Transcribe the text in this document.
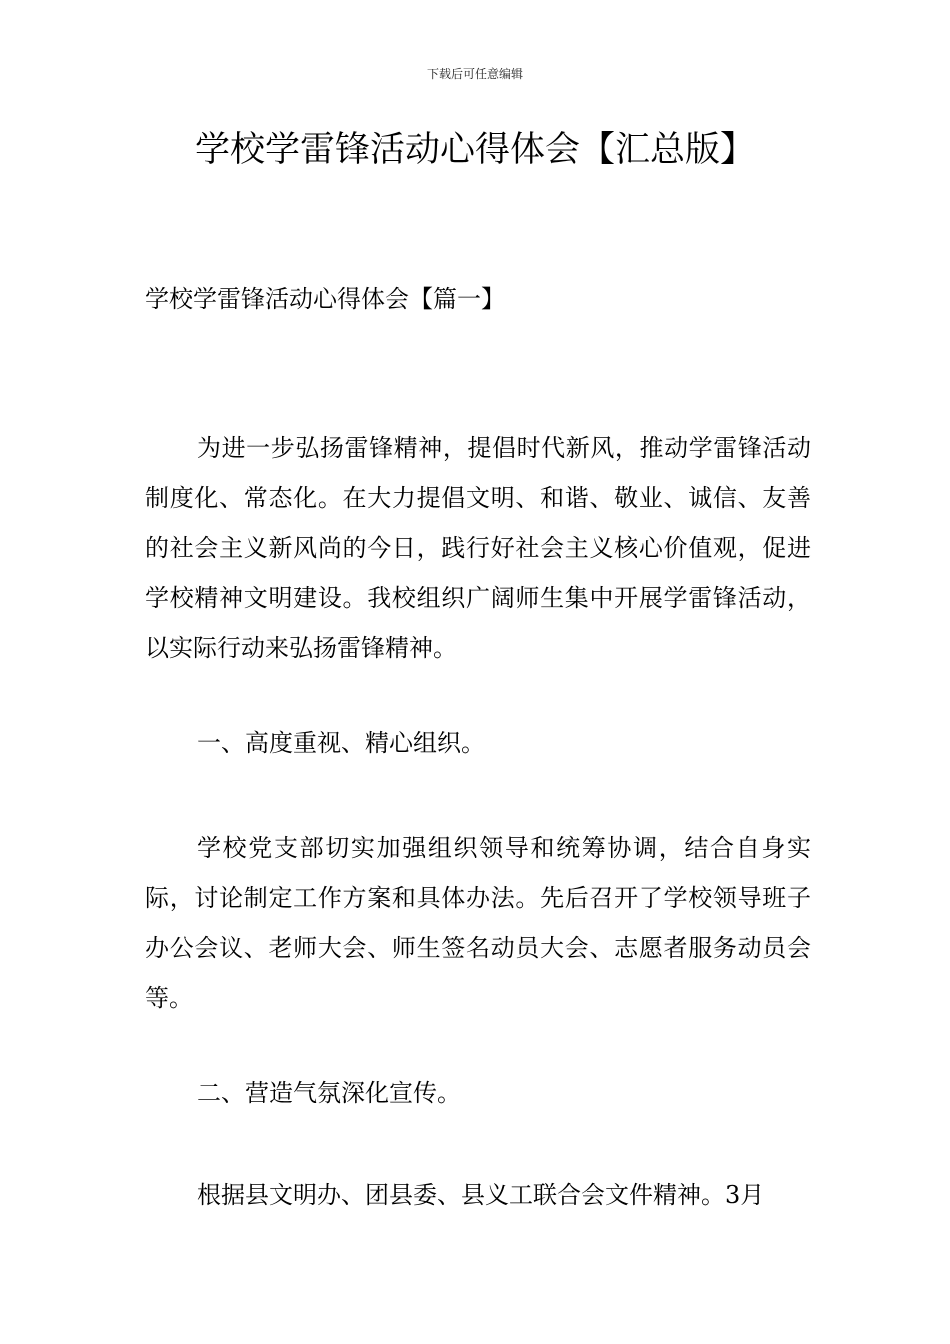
下载后可任意编辑
学校学雷锋活动心得体会【汇总版】
学校学雷锋活动心得体会【篇一】

为进一步弘扬雷锋精神，提倡时代新风，推动学雷锋活动制度化、常态化。在大力提倡文明、和谐、敬业、诚信、友善的社会主义新风尚的今日，践行好社会主义核心价值观，促进学校精神文明建设。我校组织广阔师生集中开展学雷锋活动，以实际行动来弘扬雷锋精神。

一、高度重视、精心组织。

学校党支部切实加强组织领导和统筹协调，结合自身实际，讨论制定工作方案和具体办法。先后召开了学校领导班子办公会议、老师大会、师生签名动员大会、志愿者服务动员会等。

二、营造气氛深化宣传。

根据县文明办、团县委、县义工联合会文件精神。3月
